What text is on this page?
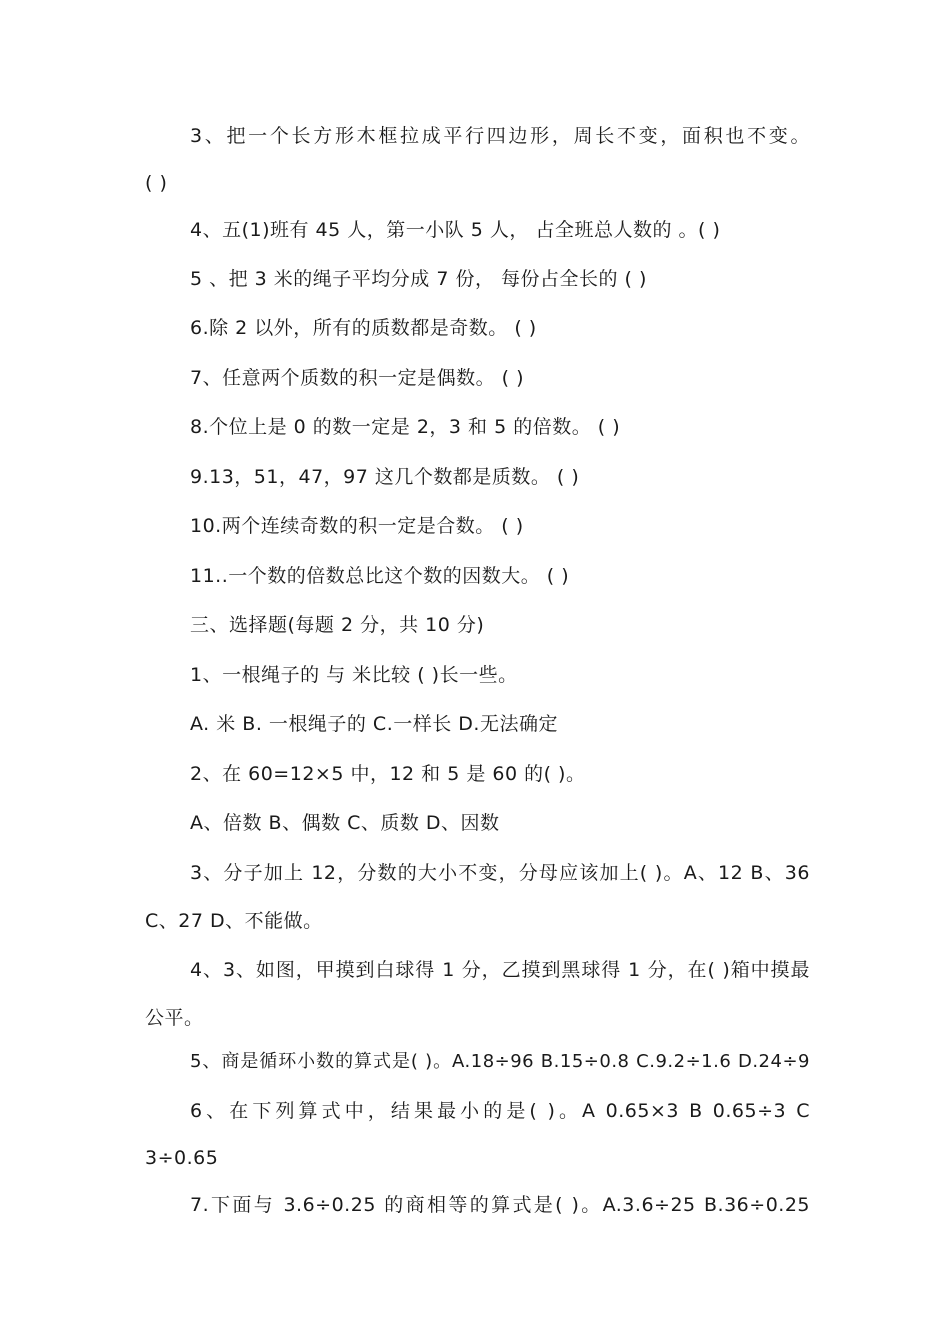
3、把一个长方形木框拉成平行四边形，周长不变，面积也不变。
( )
4、五(1)班有 45 人，第一小队 5 人， 占全班总人数的 。( )
5 、把 3 米的绳子平均分成 7 份， 每份占全长的 ( )
6.除 2 以外，所有的质数都是奇数。 ( )
7、任意两个质数的积一定是偶数。 ( )
8.个位上是 0 的数一定是 2，3 和 5 的倍数。 ( )
9.13，51，47，97 这几个数都是质数。 ( )
10.两个连续奇数的积一定是合数。 ( )
11..一个数的倍数总比这个数的因数大。 ( )
三、选择题(每题 2 分，共 10 分)
1、一根绳子的 与 米比较 ( )长一些。
A. 米 B. 一根绳子的 C.一样长 D.无法确定
2、在 60=12×5 中，12 和 5 是 60 的( )。
A、倍数 B、偶数 C、质数 D、因数
3、分子加上 12，分数的大小不变，分母应该加上( )。A、12 B、36
C、27 D、不能做。
4、3、如图，甲摸到白球得 1 分，乙摸到黑球得 1 分，在( )箱中摸最
公平。
5、商是循环小数的算式是( )。A.18÷96 B.15÷0.8 C.9.2÷1.6 D.24÷9
6、在下列算式中，结果最小的是( )。A 0.65×3 B 0.65÷3 C
3÷0.65
7.下面与 3.6÷0.25 的商相等的算式是( )。A.3.6÷25 B.36÷0.25
